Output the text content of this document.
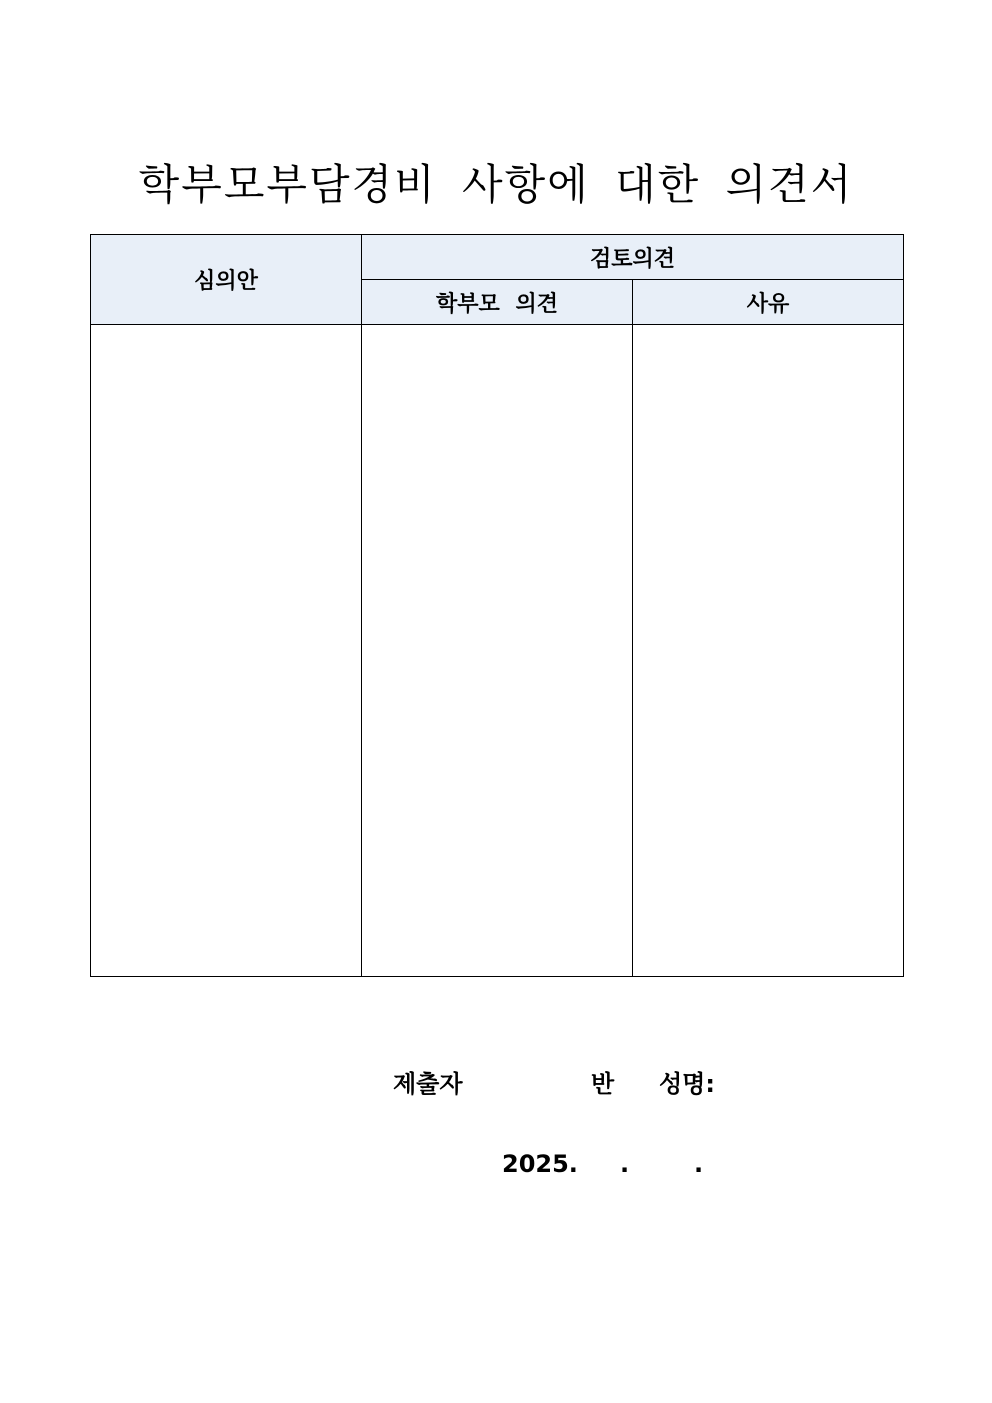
학부모부담경비 사항에 대한 의견서
심의안	검토의견	
	학부모 의견	사유

제출자	반 성명:
2025. .	.
